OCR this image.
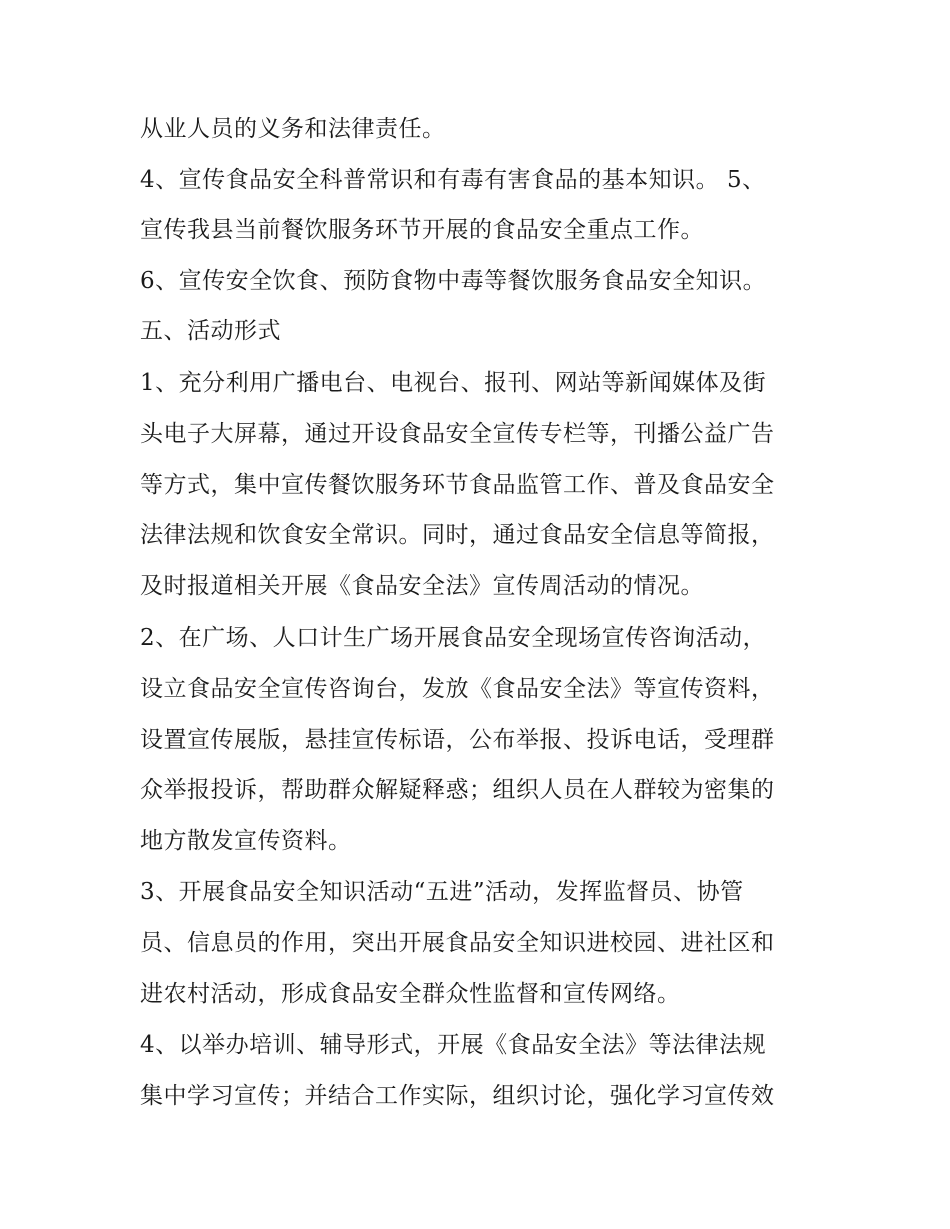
从业人员的义务和法律责任。
4、宣传食品安全科普常识和有毒有害食品的基本知识。 5、
宣传我县当前餐饮服务环节开展的食品安全重点工作。
6、宣传安全饮食、预防食物中毒等餐饮服务食品安全知识。
五、活动形式
1、充分利用广播电台、电视台、报刊、网站等新闻媒体及街
头电子大屏幕，通过开设食品安全宣传专栏等，刊播公益广告
等方式，集中宣传餐饮服务环节食品监管工作、普及食品安全
法律法规和饮食安全常识。同时，通过食品安全信息等简报，
及时报道相关开展《食品安全法》宣传周活动的情况。
2、在广场、人口计生广场开展食品安全现场宣传咨询活动，
设立食品安全宣传咨询台，发放《食品安全法》等宣传资料，
设置宣传展版，悬挂宣传标语，公布举报、投诉电话，受理群
众举报投诉，帮助群众解疑释惑；组织人员在人群较为密集的
地方散发宣传资料。
3、开展食品安全知识活动“五进”活动，发挥监督员、协管
员、信息员的作用，突出开展食品安全知识进校园、进社区和
进农村活动，形成食品安全群众性监督和宣传网络。
4、以举办培训、辅导形式，开展《食品安全法》等法律法规
集中学习宣传；并结合工作实际，组织讨论，强化学习宣传效
